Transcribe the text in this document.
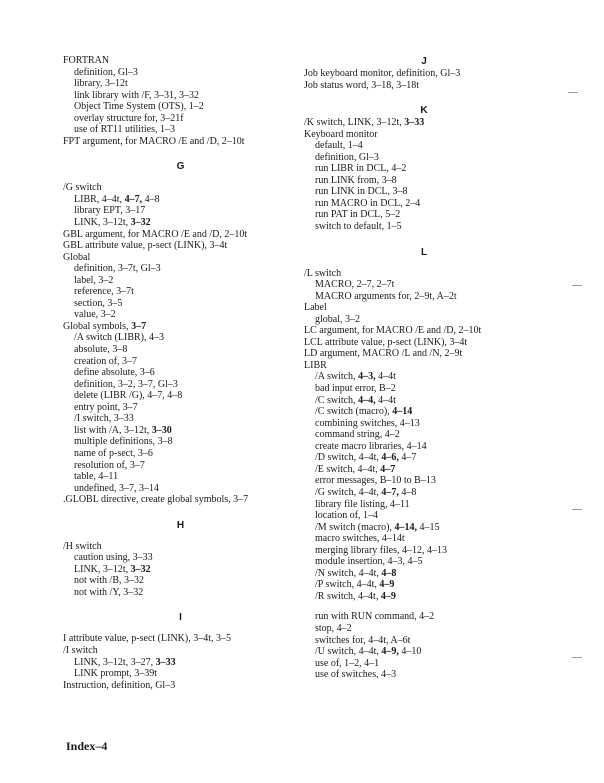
FORTRAN
definition, Gl–3
library, 3–12t
link library with /F, 3–31, 3–32
Object Time System (OTS), 1–2
overlay structure for, 3–21f
use of RT11 utilities, 1–3
FPT argument, for MACRO /E and /D, 2–10t
G
/G switch
LIBR, 4–4t, 4–7, 4–8
library EPT, 3–17
LINK, 3–12t, 3–32
GBL argument, for MACRO /E and /D, 2–10t
GBL attribute value, p-sect (LINK), 3–4t
Global
definition, 3–7t, Gl–3
label, 3–2
reference, 3–7t
section, 3–5
value, 3–2
Global symbols, 3–7
/A switch (LIBR), 4–3
absolute, 3–8
creation of, 3–7
define absolute, 3–6
definition, 3–2, 3–7, Gl–3
delete (LIBR /G), 4–7, 4–8
entry point, 3–7
/I switch, 3–33
list with /A, 3–12t, 3–30
multiple definitions, 3–8
name of p-sect, 3–6
resolution of, 3–7
table, 4–11
undefined, 3–7, 3–14
.GLOBL directive, create global symbols, 3–7
H
/H switch
caution using, 3–33
LINK, 3–12t, 3–32
not with /B, 3–32
not with /Y, 3–32
I
I attribute value, p-sect (LINK), 3–4t, 3–5
/I switch
LINK, 3–12t, 3–27, 3–33
LINK prompt, 3–39t
Instruction, definition, Gl–3
J
Job keyboard monitor, definition, Gl–3
Job status word, 3–18, 3–18t
K
/K switch, LINK, 3–12t, 3–33
Keyboard monitor
default, 1–4
definition, Gl–3
run LIBR in DCL, 4–2
run LINK from, 3–8
run LINK in DCL, 3–8
run MACRO in DCL, 2–4
run PAT in DCL, 5–2
switch to default, 1–5
L
/L switch
MACRO, 2–7, 2–7t
MACRO arguments for, 2–9t, A–2t
Label
global, 3–2
LC argument, for MACRO /E and /D, 2–10t
LCL attribute value, p-sect (LINK), 3–4t
LD argument, MACRO /L and /N, 2–9t
LIBR
/A switch, 4–3, 4–4t
bad input error, B–2
/C switch, 4–4, 4–4t
/C switch (macro), 4–14
combining switches, 4–13
command string, 4–2
create macro libraries, 4–14
/D switch, 4–4t, 4–6, 4–7
/E switch, 4–4t, 4–7
error messages, B–10 to B–13
/G switch, 4–4t, 4–7, 4–8
library file listing, 4–11
location of, 1–4
/M switch (macro), 4–14, 4–15
macro switches, 4–14t
merging library files, 4–12, 4–13
module insertion, 4–3, 4–5
/N switch, 4–4t, 4–8
/P switch, 4–4t, 4–9
/R switch, 4–4t, 4–9
run with RUN command, 4–2
stop, 4–2
switches for, 4–4t, A–6t
/U switch, 4–4t, 4–9, 4–10
use of, 1–2, 4–1
use of switches, 4–3
Index–4
